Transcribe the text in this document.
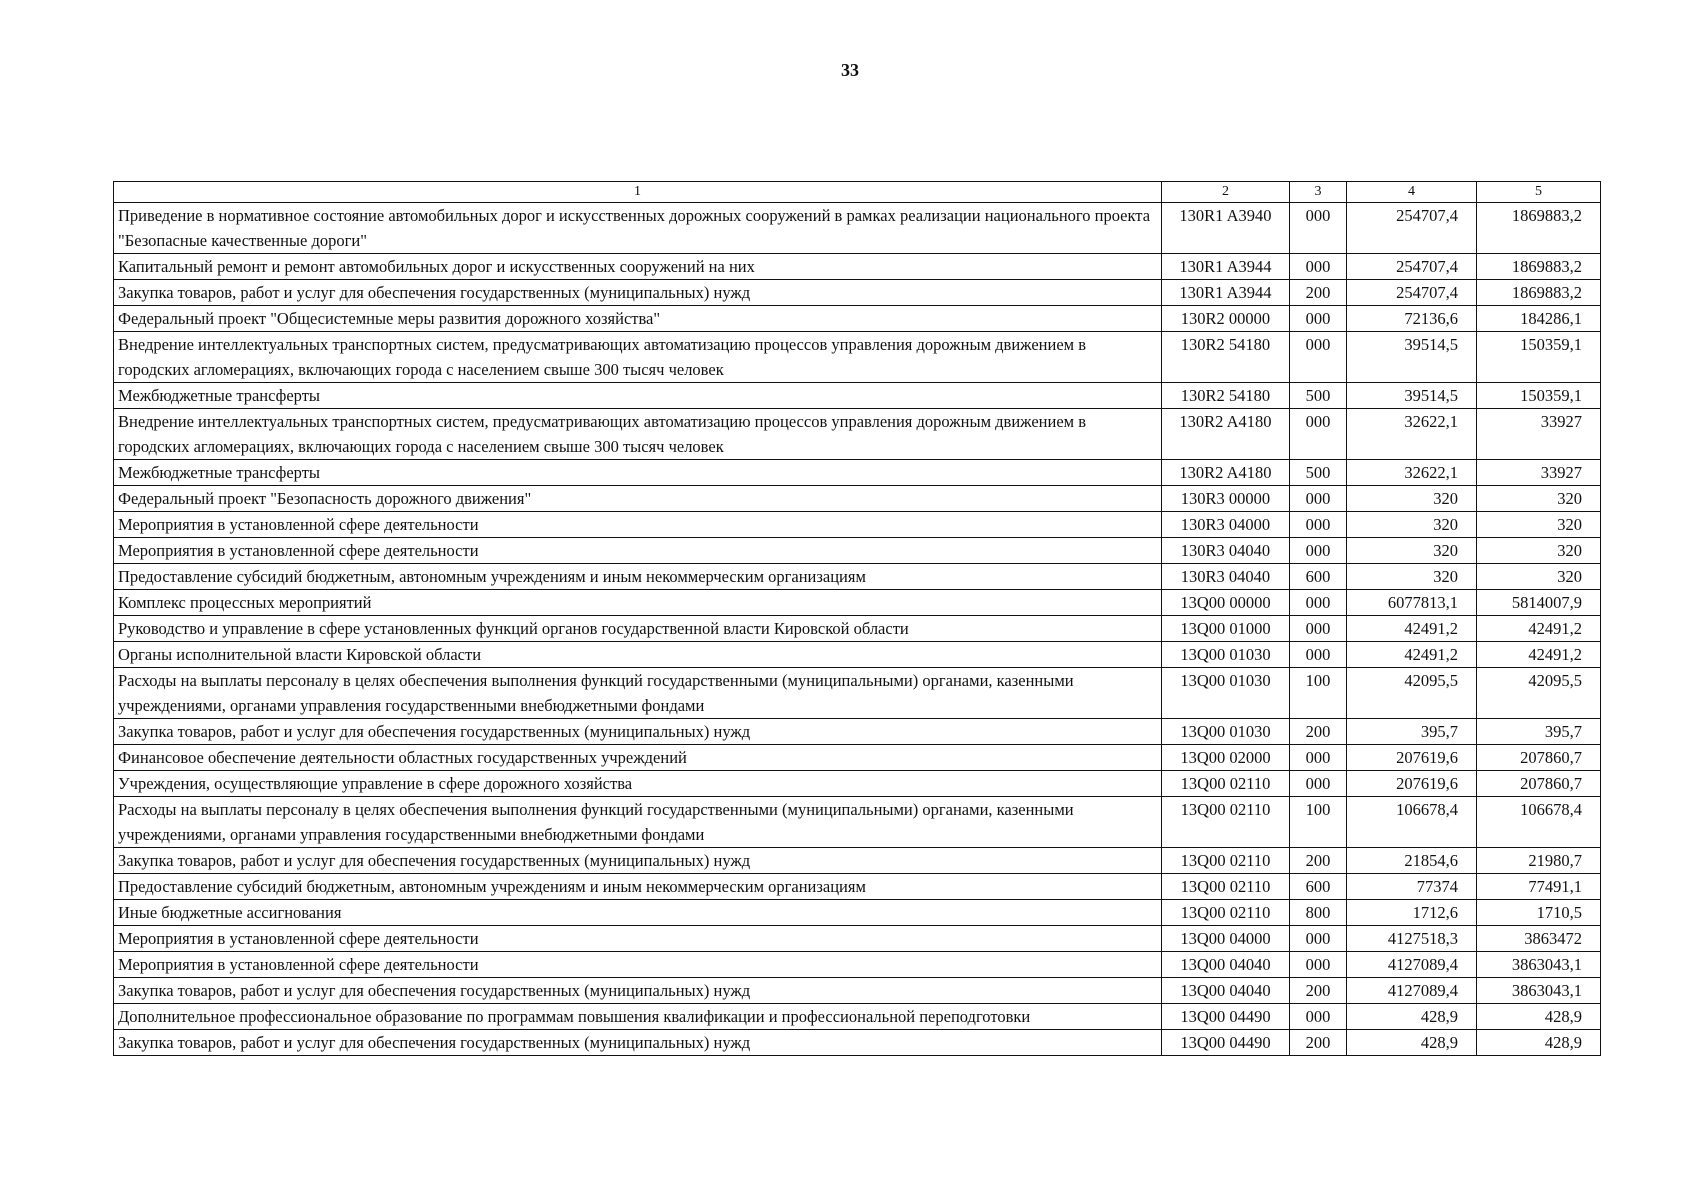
33
1	2	3	4	5
Приведение в нормативное состояние автомобильных дорог и искусственных дорожных сооружений в рамках реализации национального проекта "Безопасные качественные дороги"	130R1 A3940	000	254707,4	1869883,2
Капитальный ремонт и ремонт автомобильных дорог и искусственных сооружений на них	130R1 A3944	000	254707,4	1869883,2
Закупка товаров, работ и услуг для обеспечения государственных (муниципальных) нужд	130R1 A3944	200	254707,4	1869883,2
Федеральный проект "Общесистемные меры развития дорожного хозяйства"	130R2 00000	000	72136,6	184286,1
Внедрение интеллектуальных транспортных систем, предусматривающих автоматизацию процессов управления дорожным движением в городских агломерациях, включающих города с населением свыше 300 тысяч человек	130R2 54180	000	39514,5	150359,1
Межбюджетные трансферты	130R2 54180	500	39514,5	150359,1
Внедрение интеллектуальных транспортных систем, предусматривающих автоматизацию процессов управления дорожным движением в городских агломерациях, включающих города с населением свыше 300 тысяч человек	130R2 A4180	000	32622,1	33927
Межбюджетные трансферты	130R2 A4180	500	32622,1	33927
Федеральный проект "Безопасность дорожного движения"	130R3 00000	000	320	320
Мероприятия в установленной сфере деятельности	130R3 04000	000	320	320
Мероприятия в установленной сфере деятельности	130R3 04040	000	320	320
Предоставление субсидий бюджетным, автономным учреждениям и иным некоммерческим организациям	130R3 04040	600	320	320
Комплекс процессных мероприятий	13Q00 00000	000	6077813,1	5814007,9
Руководство и управление в сфере установленных функций органов государственной власти Кировской области	13Q00 01000	000	42491,2	42491,2
Органы исполнительной власти Кировской области	13Q00 01030	000	42491,2	42491,2
Расходы на выплаты персоналу в целях обеспечения выполнения функций государственными (муниципальными) органами, казенными учреждениями, органами управления государственными внебюджетными фондами	13Q00 01030	100	42095,5	42095,5
Закупка товаров, работ и услуг для обеспечения государственных (муниципальных) нужд	13Q00 01030	200	395,7	395,7
Финансовое обеспечение деятельности областных государственных учреждений	13Q00 02000	000	207619,6	207860,7
Учреждения, осуществляющие управление в сфере дорожного хозяйства	13Q00 02110	000	207619,6	207860,7
Расходы на выплаты персоналу в целях обеспечения выполнения функций государственными (муниципальными) органами, казенными учреждениями, органами управления государственными внебюджетными фондами	13Q00 02110	100	106678,4	106678,4
Закупка товаров, работ и услуг для обеспечения государственных (муниципальных) нужд	13Q00 02110	200	21854,6	21980,7
Предоставление субсидий бюджетным, автономным учреждениям и иным некоммерческим организациям	13Q00 02110	600	77374	77491,1
Иные бюджетные ассигнования	13Q00 02110	800	1712,6	1710,5
Мероприятия в установленной сфере деятельности	13Q00 04000	000	4127518,3	3863472
Мероприятия в установленной сфере деятельности	13Q00 04040	000	4127089,4	3863043,1
Закупка товаров, работ и услуг для обеспечения государственных (муниципальных) нужд	13Q00 04040	200	4127089,4	3863043,1
Дополнительное профессиональное образование по программам повышения квалификации и профессиональной переподготовки	13Q00 04490	000	428,9	428,9
Закупка товаров, работ и услуг для обеспечения государственных (муниципальных) нужд	13Q00 04490	200	428,9	428,9
